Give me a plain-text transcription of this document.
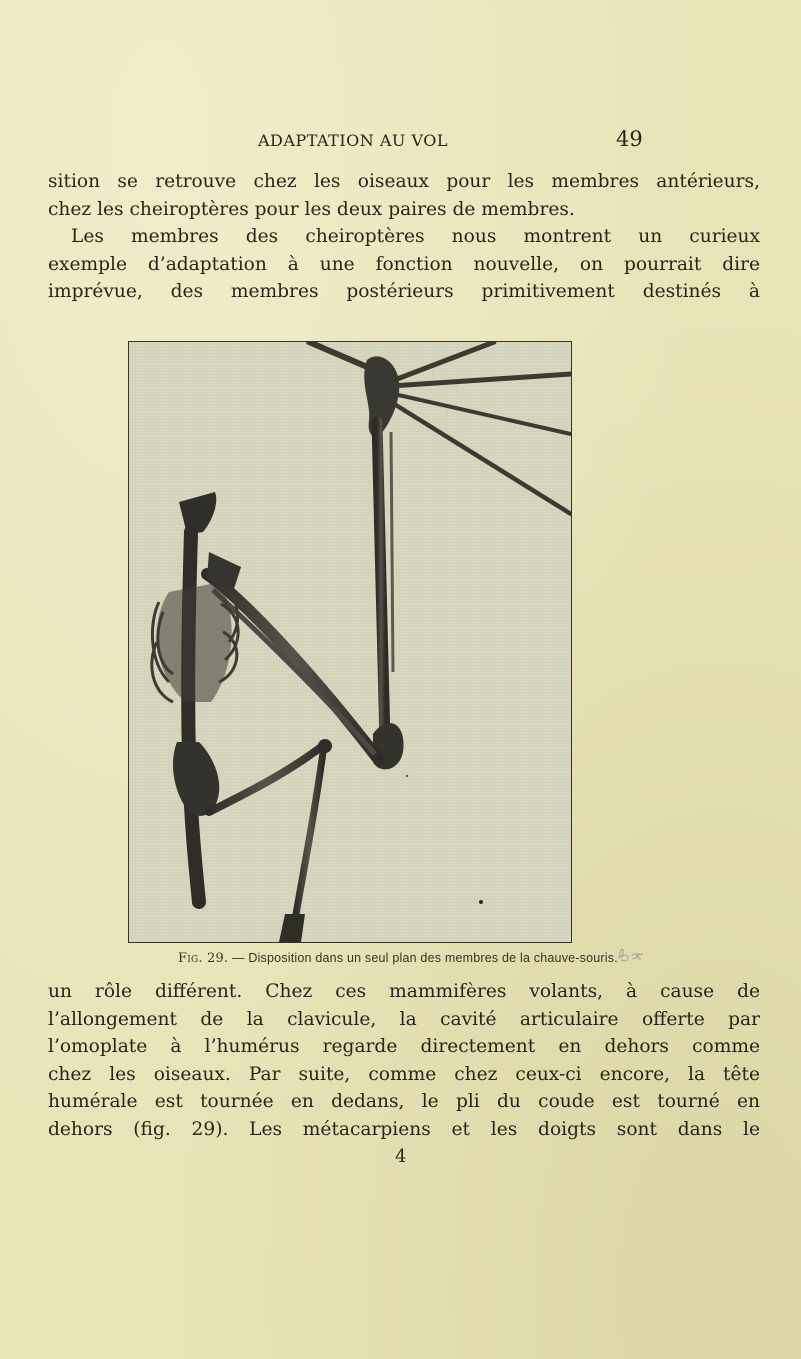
ADAPTATION AU VOL	49
sition se retrouve chez les oiseaux pour les membres antérieurs,
chez les cheiroptères pour les deux paires de membres.
Les membres des cheiroptères nous montrent un curieux
exemple d’adaptation à une fonction nouvelle, on pourrait dire
imprévue, des membres postérieurs primitivement destinés à
Fig. 29. — Disposition dans un seul plan des membres de la chauve-souris.
un rôle différent. Chez ces mammifères volants, à cause de
l’allongement de la clavicule, la cavité articulaire offerte par
l’omoplate à l’humérus regarde directement en dehors comme
chez les oiseaux. Par suite, comme chez ceux-ci encore, la tête
humérale est tournée en dedans, le pli du coude est tourné en
dehors (fig. 29). Les métacarpiens et les doigts sont dans le
4
